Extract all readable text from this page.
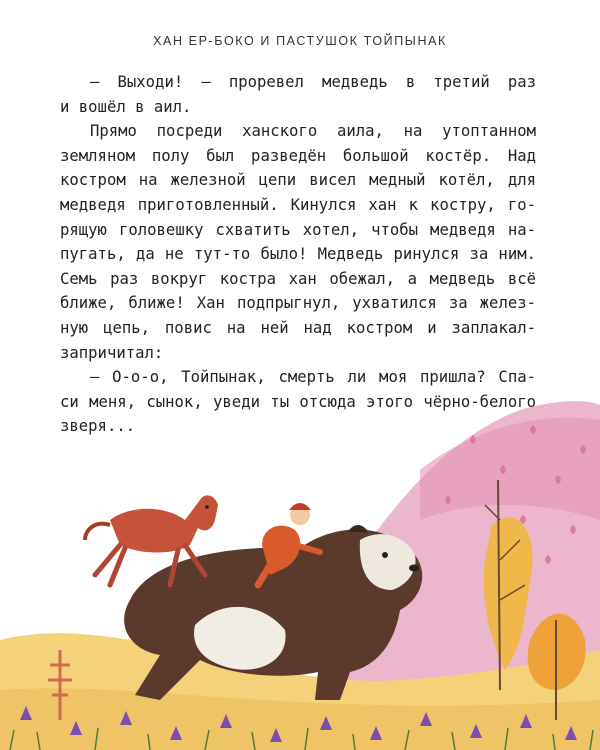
ХАН ЕР-БОКО И ПАСТУШОК ТОЙПЫНАК
— Выходи! — проревел медведь в третий раз
и вошёл в аил.
Прямо посреди ханского аила, на утоптанном
земляном полу был разведён большой костёр. Над
костром на железной цепи висел медный котёл, для
медведя приготовленный. Кинулся хан к костру, го-
рящую головешку схватить хотел, чтобы медведя на-
пугать, да не тут-то было! Медведь ринулся за ним.
Семь раз вокруг костра хан обежал, а медведь всё
ближе, ближе! Хан подпрыгнул, ухватился за желез-
ную цепь, повис на ней над костром и заплакал-
запричитал:
— О-о-о, Тойпынак, смерть ли моя пришла? Спа-
си меня, сынок, уведи ты отсюда этого чёрно-белого
зверя...
